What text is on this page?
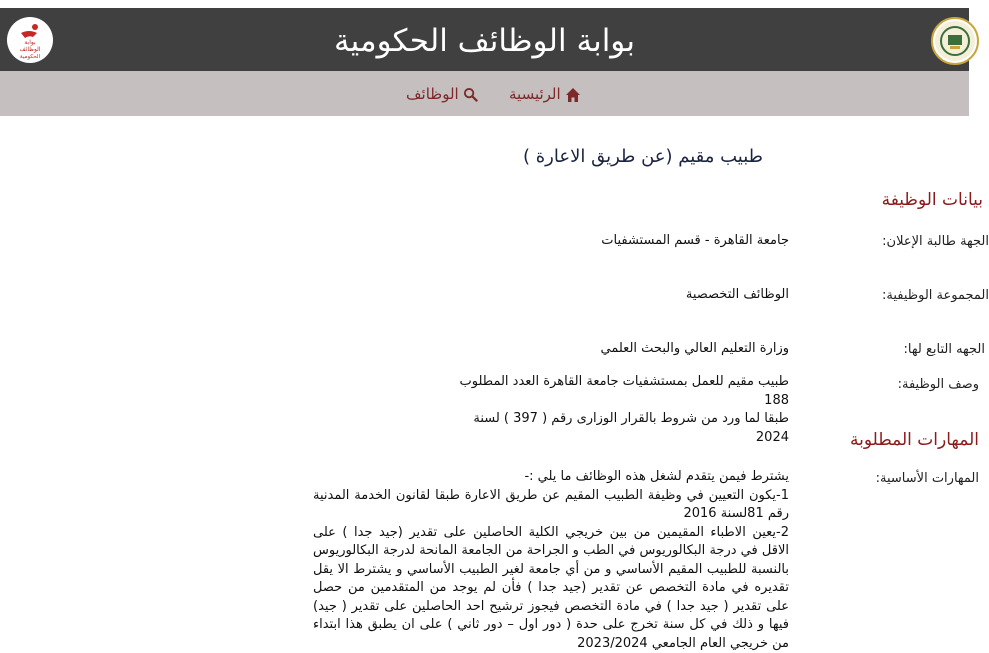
بوابة
الوظائف
الحكومية	بوابة الوظائف الحكومية
الرئيسية
الوظائف
طبيب مقيم (عن طريق الاعارة )
بيانات الوظيفة
الجهة طالبة الإعلان:
جامعة القاهرة - قسم المستشفيات
المجموعة الوظيفية:
الوظائف التخصصية
الجهه التابع لها:
وزارة التعليم العالي والبحث العلمي
وصف الوظيفة:

طبيب مقيم للعمل بمستشفيات جامعة القاهرة العدد المطلوب 188

طبقا لما ورد من شروط بالقرار الوزارى رقم ( 397 ) لسنة 2024	المهارات المطلوبة
المهارات الأساسية:

يشترط فيمن يتقدم لشغل هذه الوظائف ما يلي :-

1-يكون التعيين في وظيفة الطبيب المقيم عن طريق الاعارة طبقا لقانون الخدمة المدنية رقم 81لسنة 2016

2-يعين الاطباء المقيمين من بين خريجي الكلية الحاصلين على تقدير (جيد جدا ) على الاقل في درجة البكالوريوس في الطب و الجراحة من الجامعة المانحة لدرجة البكالوريوس بالنسبة للطبيب المقيم الأساسي و من أي جامعة لغير الطبيب الأساسي و يشترط الا يقل تقديره في مادة التخصص عن تقدير (جيد جدا ) فأن لم يوجد من المتقدمين من حصل على تقدير ( جيد جدا ) في مادة التخصص فيجوز ترشيح احد الحاصلين على تقدير ( جيد) فيها و ذلك في كل سنة تخرج على حدة ( دور اول – دور ثاني ) على ان يطبق هذا ابتداء من خريجي العام الجامعي 2023/2024
